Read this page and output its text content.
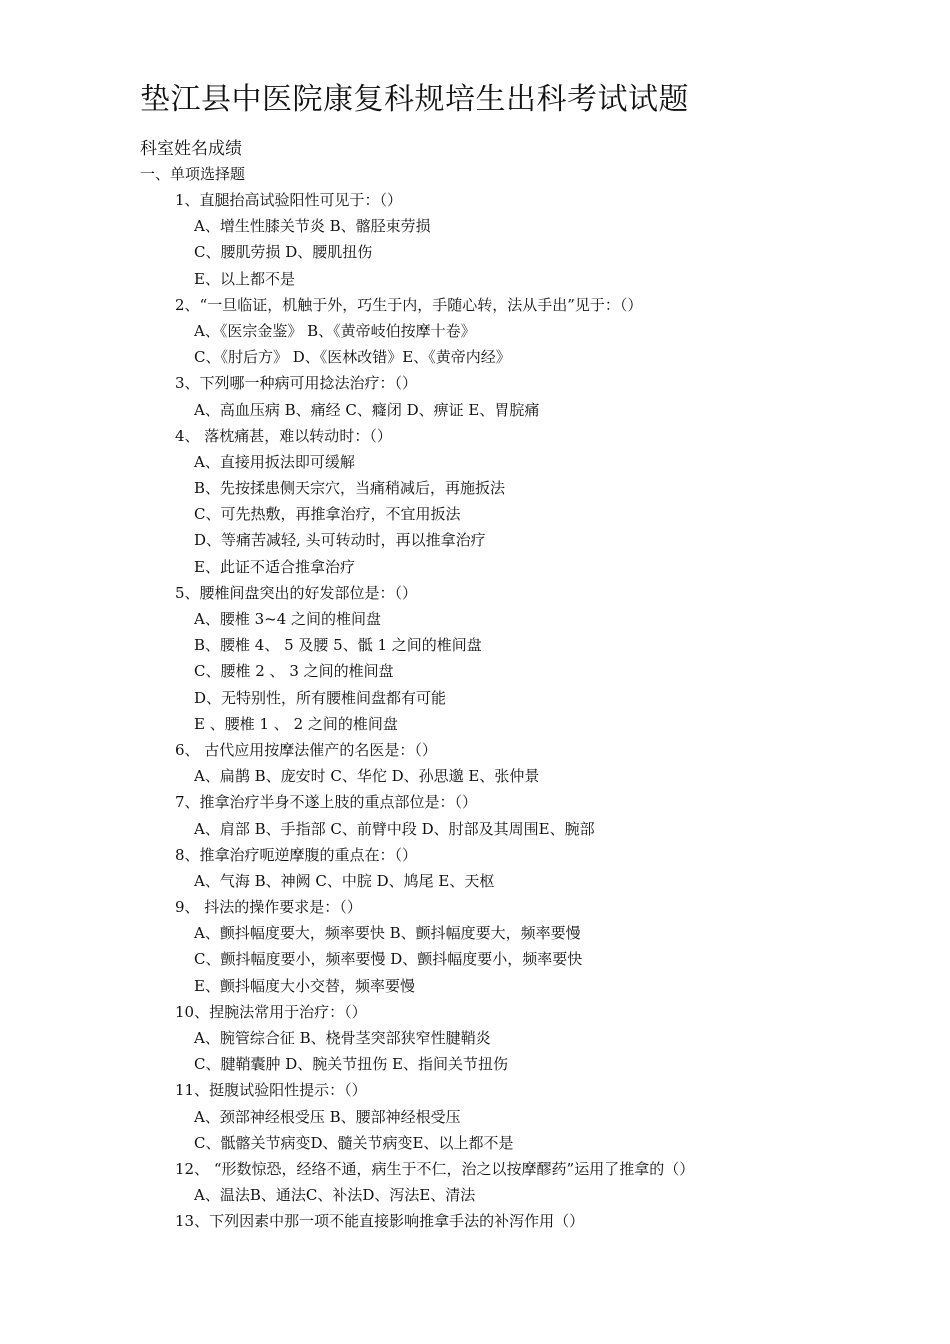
垫江县中医院康复科规培生出科考试试题
科室姓名成绩
一、单项选择题
1、直腿抬高试验阳性可见于：（）
A、增生性膝关节炎 B、髂胫束劳损
C、腰肌劳损 D、腰肌扭伤
E、以上都不是
2、“一旦临证，机触于外，巧生于内，手随心转，法从手出”见于：（）
A、《医宗金鉴》 B、《黄帝岐伯按摩十卷》
C、《肘后方》 D、《医林改错》E、《黄帝内经》
3、下列哪一种病可用捻法治疗：（）
A、高血压病 B、痛经 C、癃闭 D、痹证 E、胃脘痛
4、 落枕痛甚，难以转动时：（）
A、直接用扳法即可缓解
B、先按揉患侧天宗穴，当痛稍减后，再施扳法
C、可先热敷，再推拿治疗，不宜用扳法
D、等痛苦减轻, 头可转动时，再以推拿治疗
E、此证不适合推拿治疗
5、腰椎间盘突出的好发部位是：（）
A、腰椎 3~4 之间的椎间盘
B、腰椎 4、 5 及腰 5、骶 1 之间的椎间盘
C、腰椎 2 、 3 之间的椎间盘
D、无特别性，所有腰椎间盘都有可能
E 、腰椎 1 、 2 之间的椎间盘
6、 古代应用按摩法催产的名医是：（）
A、扁鹊 B、庞安时 C、华佗 D、孙思邈 E、张仲景
7、推拿治疗半身不遂上肢的重点部位是：（）
A、肩部 B、手指部 C、前臂中段 D、肘部及其周围E、腕部
8、推拿治疗呃逆摩腹的重点在：（）
A、气海 B、神阙 C、中脘 D、鸠尾 E、天枢
9、 抖法的操作要求是：（）
A、颤抖幅度要大，频率要快 B、颤抖幅度要大，频率要慢
C、颤抖幅度要小，频率要慢 D、颤抖幅度要小，频率要快
E、颤抖幅度大小交替，频率要慢
10、捏腕法常用于治疗：（）
A、腕管综合征 B、桡骨茎突部狭窄性腱鞘炎
C、腱鞘囊肿 D、腕关节扭伤 E、指间关节扭伤
11、挺腹试验阳性提示：（）
A、颈部神经根受压 B、腰部神经根受压
C、骶髂关节病变D、髓关节病变E、以上都不是
12、 “形数惊恐，经络不通，病生于不仁，治之以按摩醪药”运用了推拿的（）
A、温法B、通法C、补法D、泻法E、清法
13、下列因素中那一项不能直接影响推拿手法的补泻作用（）
